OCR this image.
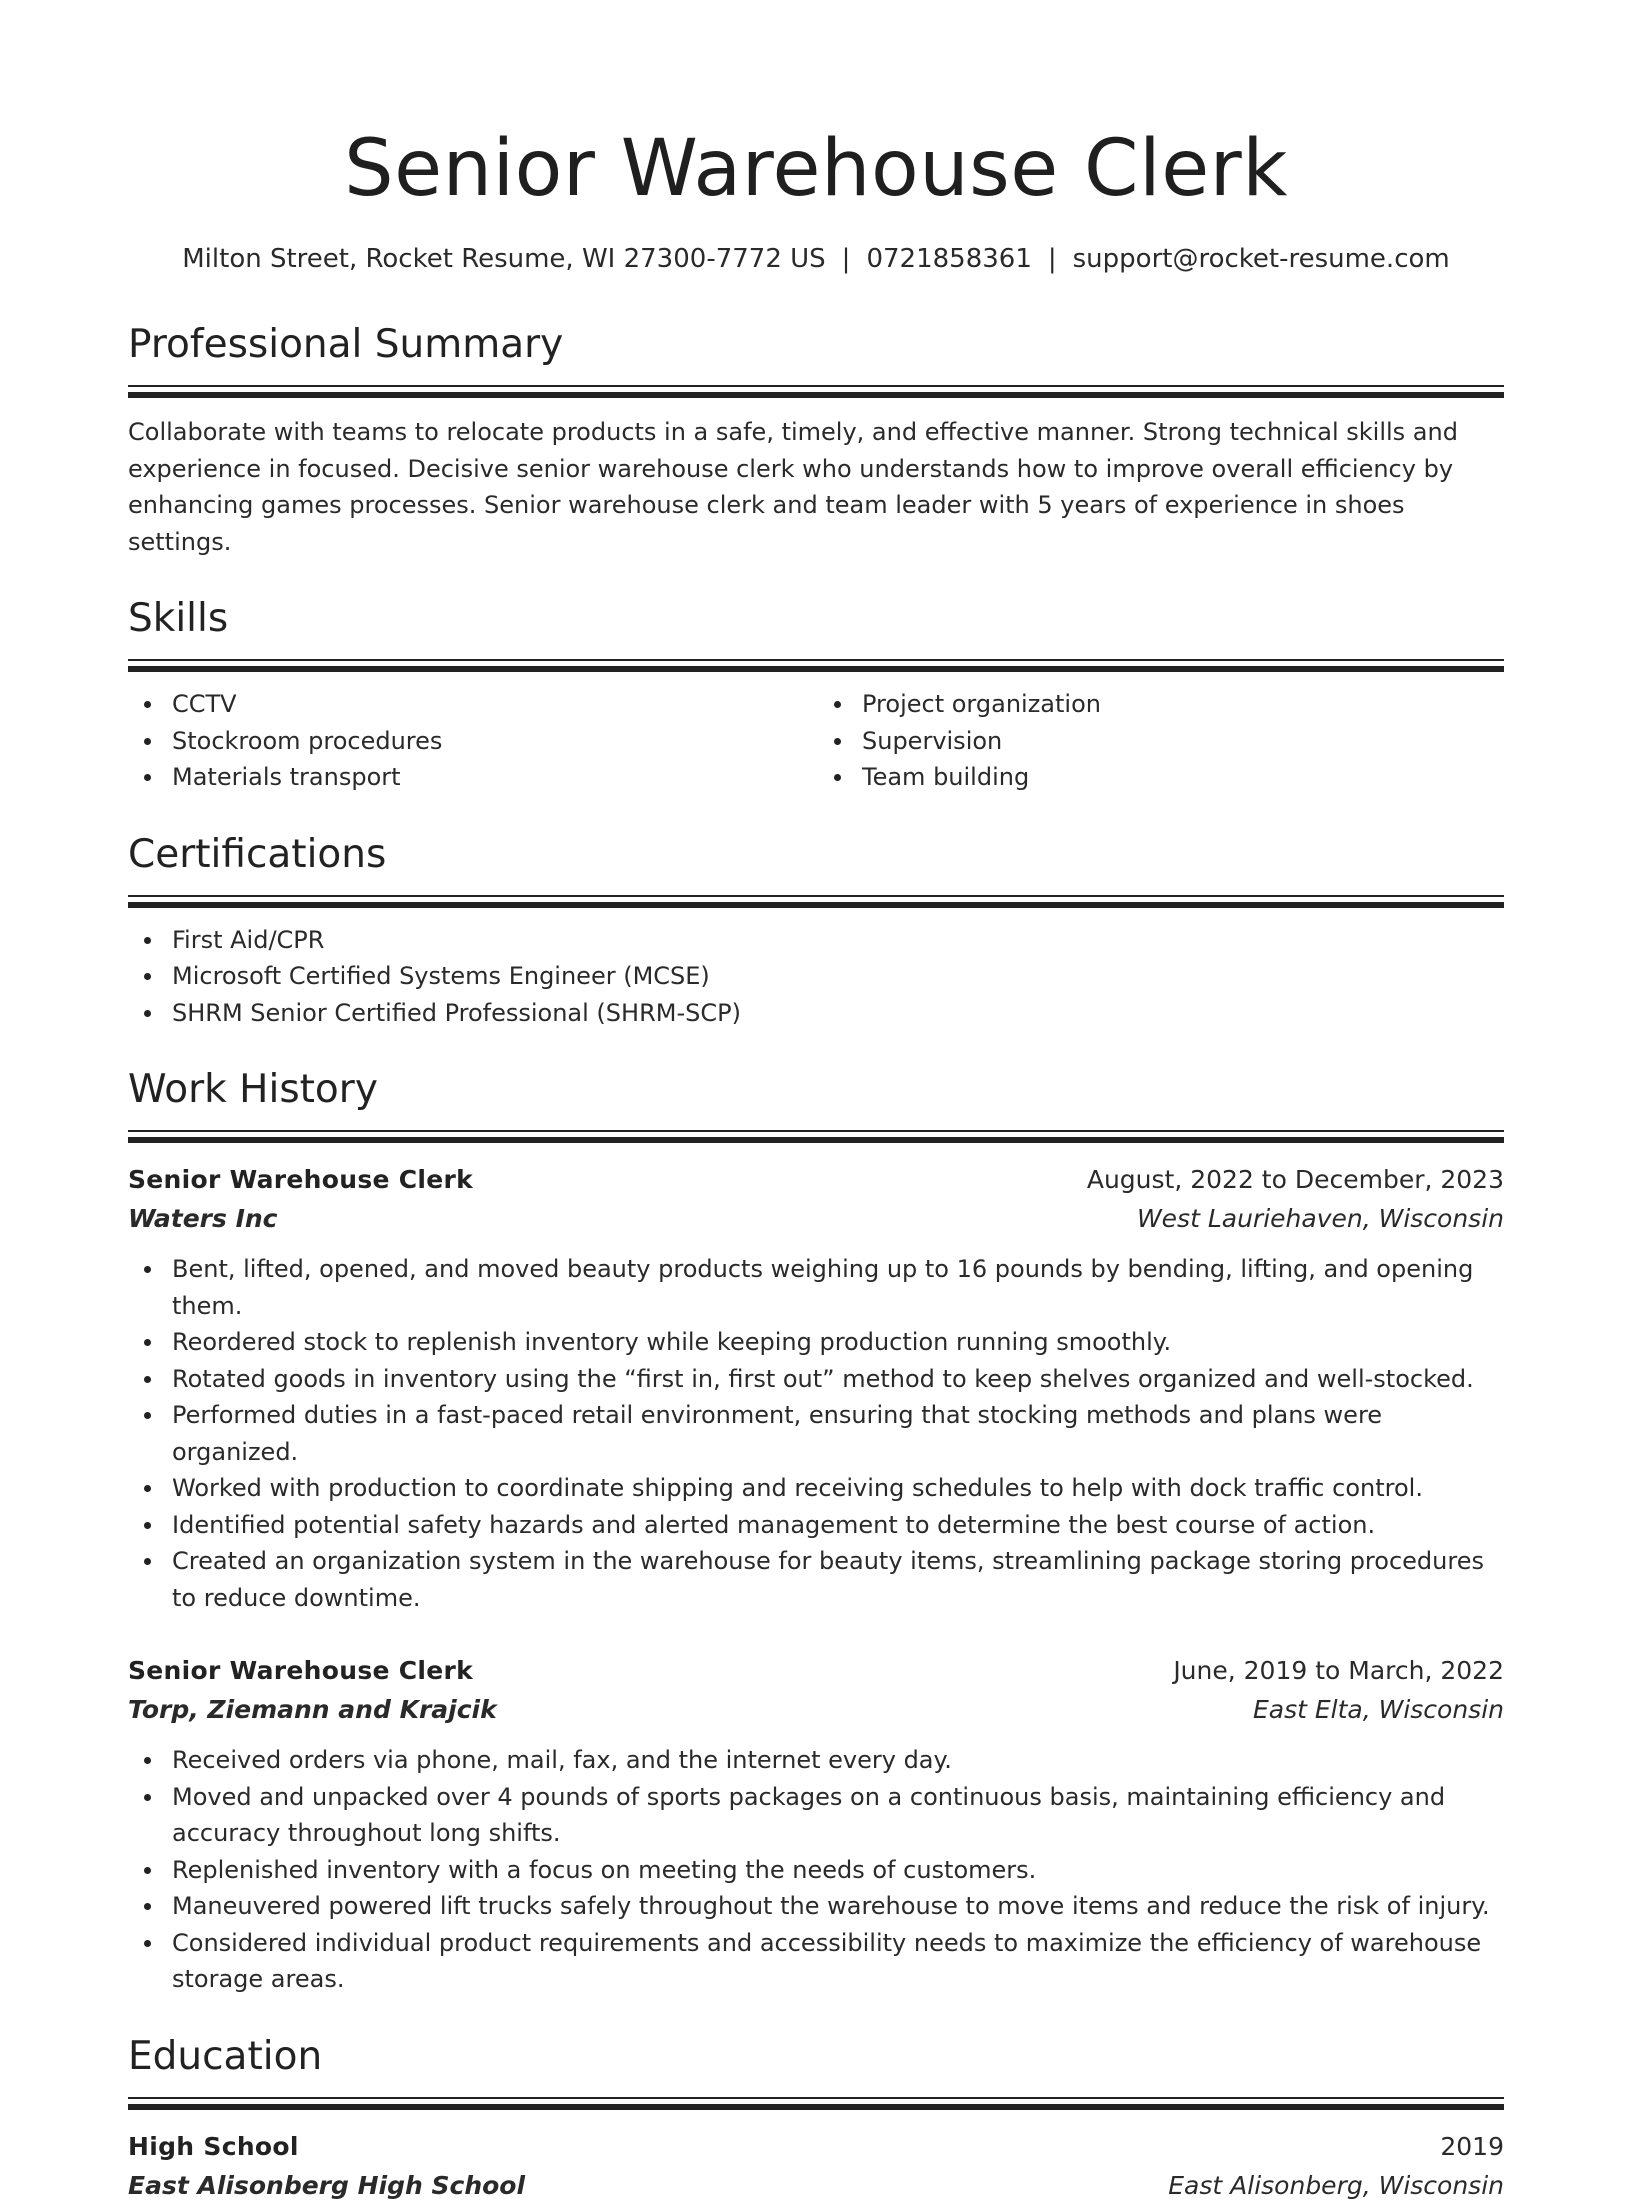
Senior Warehouse Clerk
Milton Street, Rocket Resume, WI 27300-7772 US | 0721858361 | support@rocket-resume.com
Professional Summary
Collaborate with teams to relocate products in a safe, timely, and effective manner. Strong technical skills and experience in focused. Decisive senior warehouse clerk who understands how to improve overall efficiency by enhancing games processes. Senior warehouse clerk and team leader with 5 years of experience in shoes settings.
Skills
CCTV
Stockroom procedures
Materials transport
Project organization
Supervision
Team building
Certifications
First Aid/CPR
Microsoft Certified Systems Engineer (MCSE)
SHRM Senior Certified Professional (SHRM-SCP)
Work History
Senior Warehouse Clerk	August, 2022 to December, 2023
Waters Inc	West Lauriehaven, Wisconsin
Bent, lifted, opened, and moved beauty products weighing up to 16 pounds by bending, lifting, and opening them.
Reordered stock to replenish inventory while keeping production running smoothly.
Rotated goods in inventory using the “first in, first out” method to keep shelves organized and well-stocked.
Performed duties in a fast-paced retail environment, ensuring that stocking methods and plans were organized.
Worked with production to coordinate shipping and receiving schedules to help with dock traffic control.
Identified potential safety hazards and alerted management to determine the best course of action.
Created an organization system in the warehouse for beauty items, streamlining package storing procedures to reduce downtime.
Senior Warehouse Clerk	June, 2019 to March, 2022
Torp, Ziemann and Krajcik	East Elta, Wisconsin
Received orders via phone, mail, fax, and the internet every day.
Moved and unpacked over 4 pounds of sports packages on a continuous basis, maintaining efficiency and accuracy throughout long shifts.
Replenished inventory with a focus on meeting the needs of customers.
Maneuvered powered lift trucks safely throughout the warehouse to move items and reduce the risk of injury.
Considered individual product requirements and accessibility needs to maximize the efficiency of warehouse storage areas.
Education
High School	2019
East Alisonberg High School	East Alisonberg, Wisconsin
